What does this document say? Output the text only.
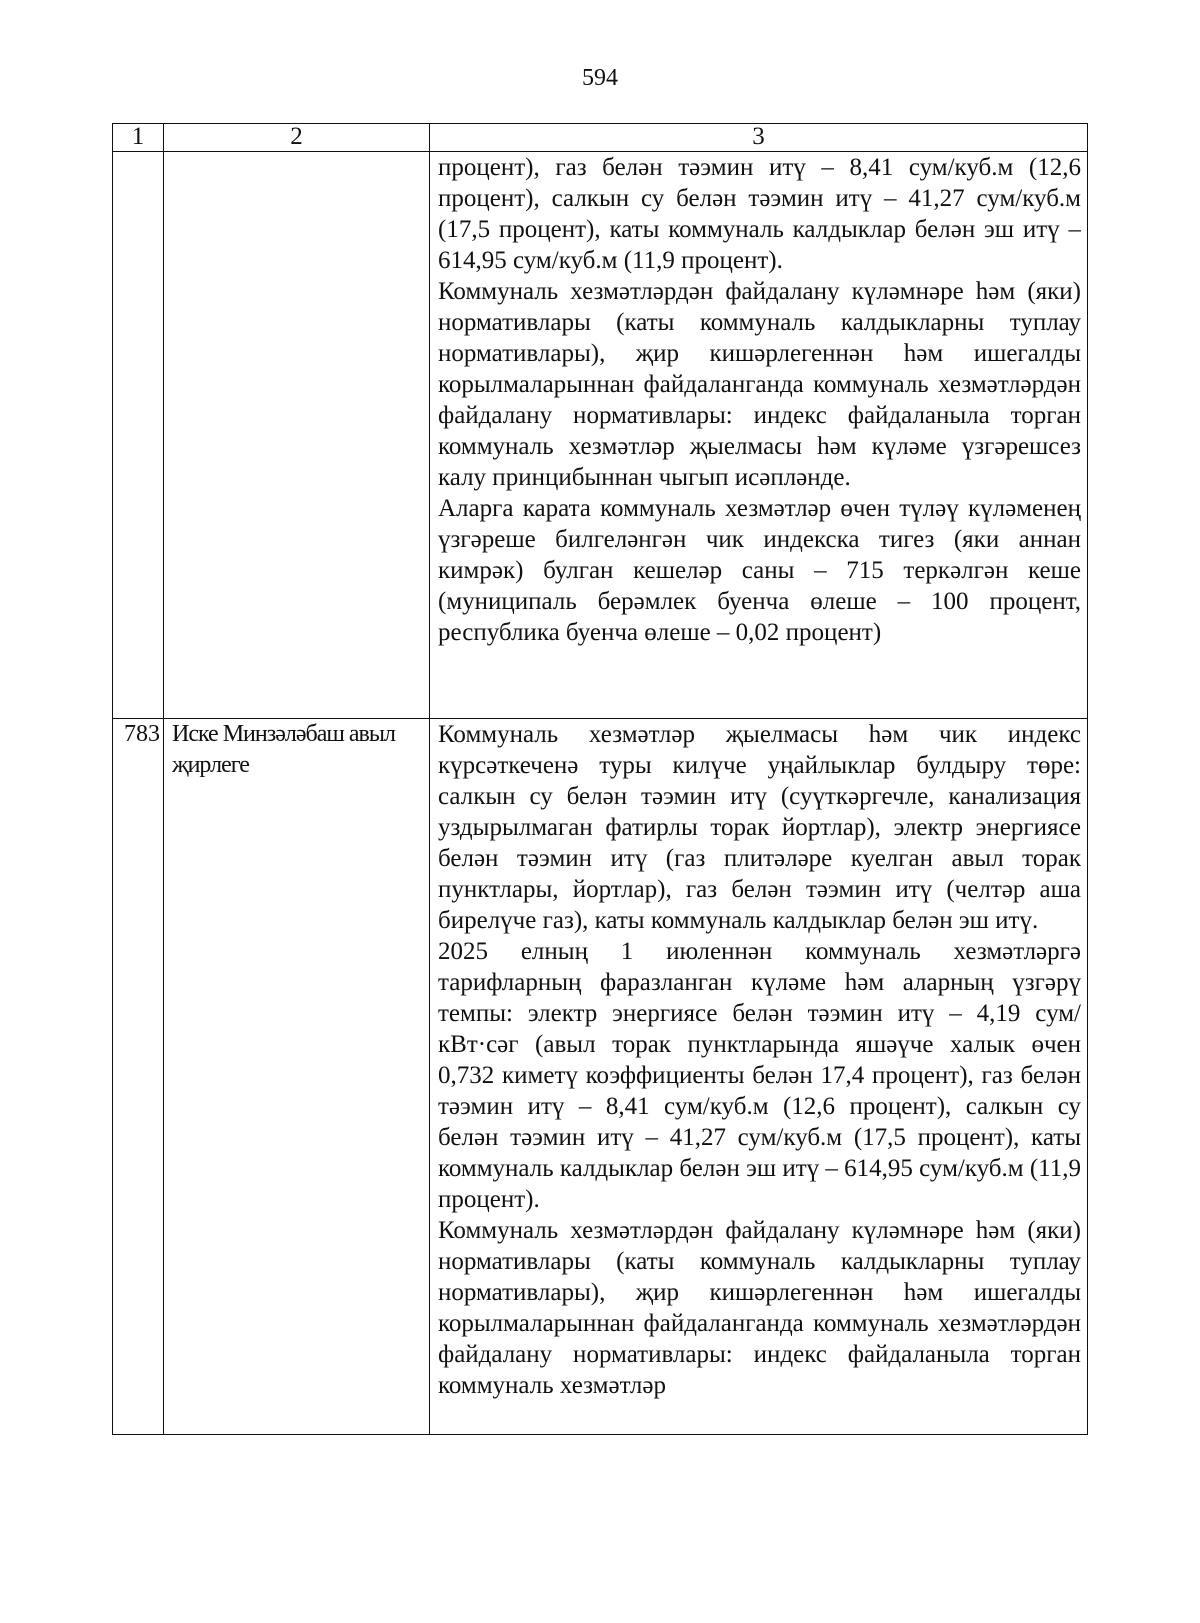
594
1	2	3

		процент), газ белән тәэмин итү – 8,41 сум/куб.м (12,6 процент), салкын су белән тәэмин итү – 41,27 сум/куб.м (17,5 процент), каты коммуналь калдыклар белән эш итү – 614,95 сум/куб.м (11,9 процент).

Коммуналь хезмәтләрдән файдалану күләмнәре һәм (яки) нормативлары (каты коммуналь калдыкларны туплау нормативлары), җир кишәрлегеннән һәм ишегалды корылмаларыннан файдаланганда коммуналь хезмәтләрдән файдалану нормативлары: индекс файдаланыла торган коммуналь хезмәтләр җыелмасы һәм күләме үзгәрешсез калу принцибыннан чыгып исәпләнде.

Аларга карата коммуналь хезмәтләр өчен түләү күләменең үзгәреше билгеләнгән чик индекска тигез (яки аннан кимрәк) булган кешеләр саны – 715 теркәлгән кеше (муниципаль берәмлек буенча өлеше – 100 процент, республика буенча өлеше – 0,02 процент)

783	Иске Минзәләбаш авыл җирлеге	Коммуналь хезмәтләр җыелмасы һәм чик индекс күрсәткеченә туры килүче уңайлыклар булдыру төре: салкын су белән тәэмин итү (суүткәргечле, канализация уздырылмаган фатирлы торак йортлар), электр энергиясе белән тәэмин итү (газ плитәләре куелган авыл торак пунктлары, йортлар), газ белән тәэмин итү (челтәр аша бирелүче газ), каты коммуналь калдыклар белән эш итү.

2025 елның 1 июленнән коммуналь хезмәтләргә тарифларның фаразланган күләме һәм аларның үзгәрү темпы: электр энергиясе белән тәэмин итү – 4,19 сум/кВт·сәг (авыл торак пунктларында яшәүче халык өчен 0,732 киметү коэффициенты белән 17,4 процент), газ белән тәэмин итү – 8,41 сум/куб.м (12,6 процент), салкын су белән тәэмин итү – 41,27 сум/куб.м (17,5 процент), каты коммуналь калдыклар белән эш итү – 614,95 сум/куб.м (11,9 процент).

Коммуналь хезмәтләрдән файдалану күләмнәре һәм (яки) нормативлары (каты коммуналь калдыкларны туплау нормативлары), җир кишәрлегеннән һәм ишегалды корылмаларыннан файдаланганда коммуналь хезмәтләрдән файдалану нормативлары: индекс файдаланыла торган коммуналь хезмәтләр
